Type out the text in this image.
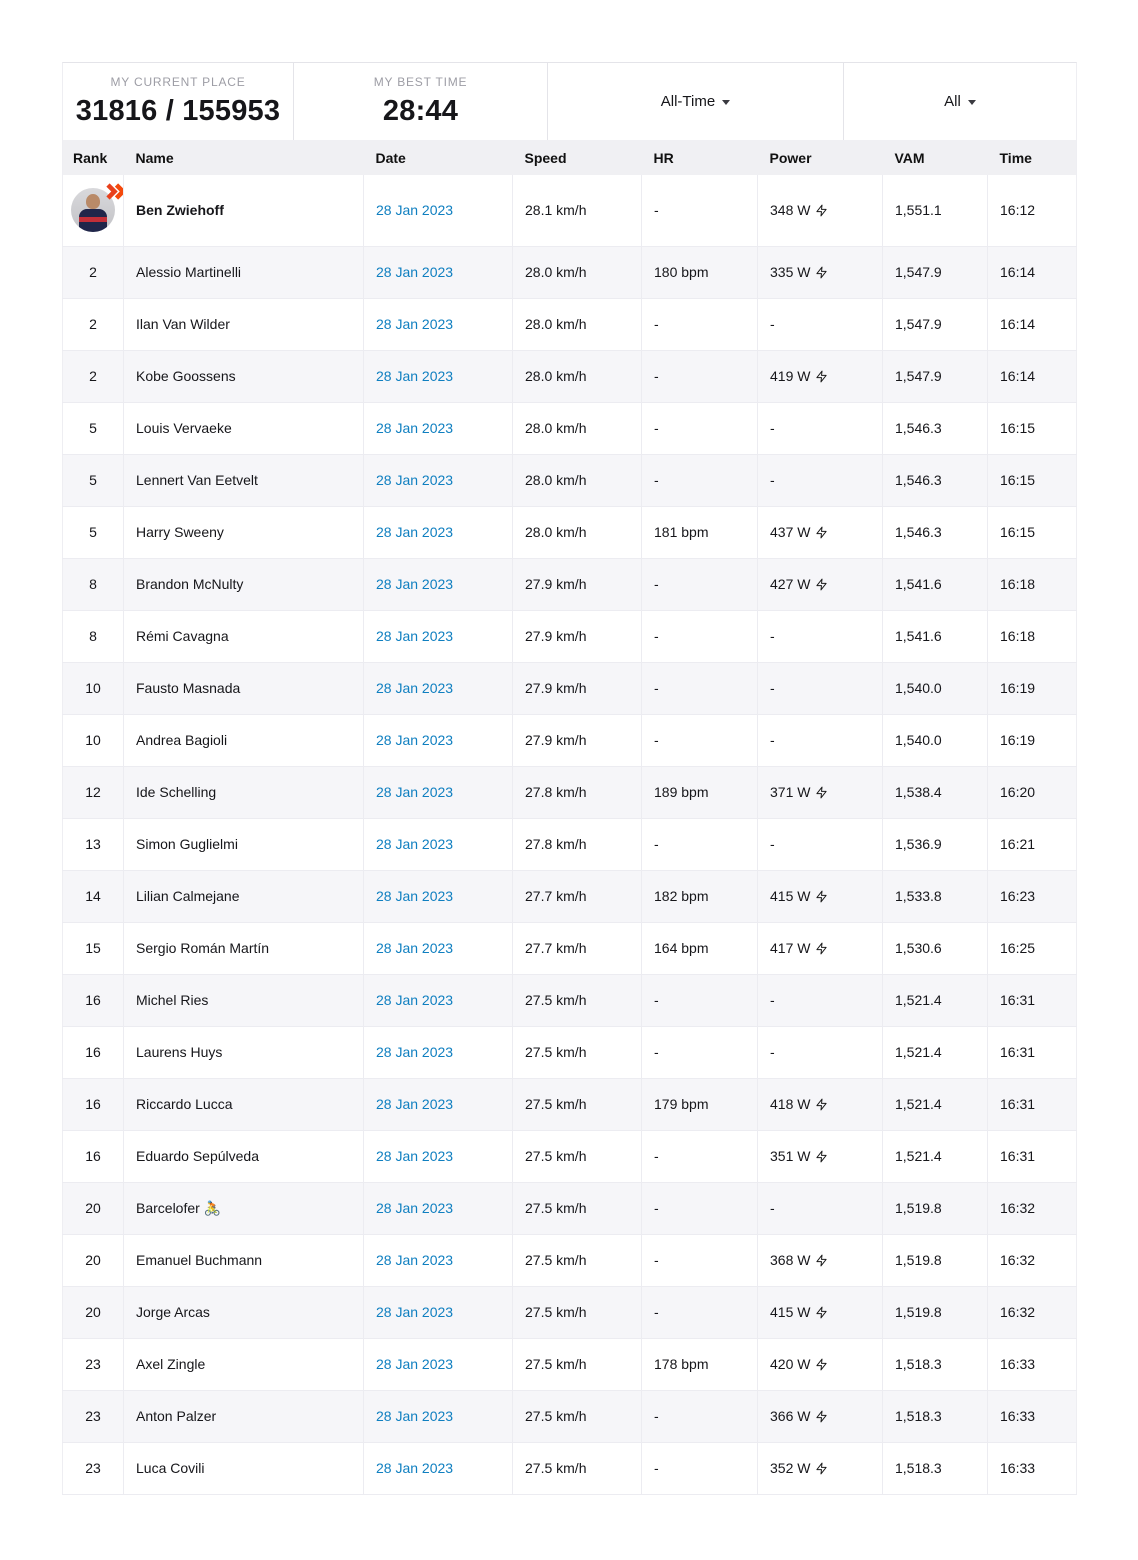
MY CURRENT PLACE
31816 / 155953
MY BEST TIME
28:44	All-Time	All
Rank	Name	Date	Speed	HR	Power	VAM	Time

	Ben Zwiehoff	28 Jan 2023	28.1 km/h	-	348 W	1,551.1	16:12
2	Alessio Martinelli	28 Jan 2023	28.0 km/h	180 bpm	335 W	1,547.9	16:14
2	Ilan Van Wilder	28 Jan 2023	28.0 km/h	-	-	1,547.9	16:14
2	Kobe Goossens	28 Jan 2023	28.0 km/h	-	419 W	1,547.9	16:14
5	Louis Vervaeke	28 Jan 2023	28.0 km/h	-	-	1,546.3	16:15
5	Lennert Van Eetvelt	28 Jan 2023	28.0 km/h	-	-	1,546.3	16:15
5	Harry Sweeny	28 Jan 2023	28.0 km/h	181 bpm	437 W	1,546.3	16:15
8	Brandon McNulty	28 Jan 2023	27.9 km/h	-	427 W	1,541.6	16:18
8	Rémi Cavagna	28 Jan 2023	27.9 km/h	-	-	1,541.6	16:18
10	Fausto Masnada	28 Jan 2023	27.9 km/h	-	-	1,540.0	16:19
10	Andrea Bagioli	28 Jan 2023	27.9 km/h	-	-	1,540.0	16:19
12	Ide Schelling	28 Jan 2023	27.8 km/h	189 bpm	371 W	1,538.4	16:20
13	Simon Guglielmi	28 Jan 2023	27.8 km/h	-	-	1,536.9	16:21
14	Lilian Calmejane	28 Jan 2023	27.7 km/h	182 bpm	415 W	1,533.8	16:23
15	Sergio Román Martín	28 Jan 2023	27.7 km/h	164 bpm	417 W	1,530.6	16:25
16	Michel Ries	28 Jan 2023	27.5 km/h	-	-	1,521.4	16:31
16	Laurens Huys	28 Jan 2023	27.5 km/h	-	-	1,521.4	16:31
16	Riccardo Lucca	28 Jan 2023	27.5 km/h	179 bpm	418 W	1,521.4	16:31
16	Eduardo Sepúlveda	28 Jan 2023	27.5 km/h	-	351 W	1,521.4	16:31
20	Barcelofer 🚴	28 Jan 2023	27.5 km/h	-	-	1,519.8	16:32
20	Emanuel Buchmann	28 Jan 2023	27.5 km/h	-	368 W	1,519.8	16:32
20	Jorge Arcas	28 Jan 2023	27.5 km/h	-	415 W	1,519.8	16:32
23	Axel Zingle	28 Jan 2023	27.5 km/h	178 bpm	420 W	1,518.3	16:33
23	Anton Palzer	28 Jan 2023	27.5 km/h	-	366 W	1,518.3	16:33
23	Luca Covili	28 Jan 2023	27.5 km/h	-	352 W	1,518.3	16:33
